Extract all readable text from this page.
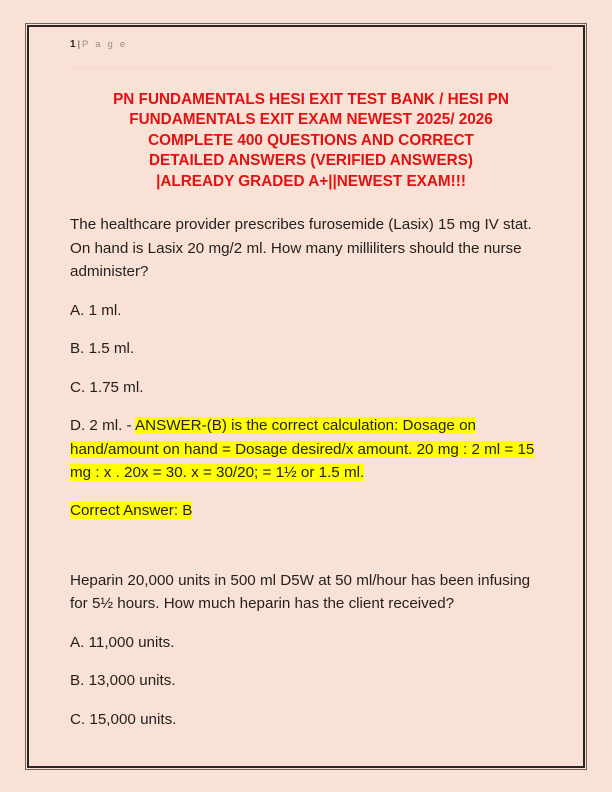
1 | P a g e
PN FUNDAMENTALS HESI EXIT TEST BANK / HESI PN
FUNDAMENTALS EXIT EXAM NEWEST 2025/ 2026
COMPLETE 400 QUESTIONS AND CORRECT
DETAILED ANSWERS (VERIFIED ANSWERS)
|ALREADY GRADED A+||NEWEST EXAM!!!

The healthcare provider prescribes furosemide (Lasix) 15 mg IV stat. On hand is Lasix 20 mg/2 ml. How many milliliters should the nurse administer?

A. 1 ml.

B. 1.5 ml.

C. 1.75 ml.

D. 2 ml. - ANSWER-(B) is the correct calculation: Dosage on hand/amount on hand = Dosage desired/x amount. 20 mg : 2 ml = 15 mg : x . 20x = 30. x = 30/20; = 1½ or 1.5 ml.

Correct Answer: B

Heparin 20,000 units in 500 ml D5W at 50 ml/hour has been infusing for 5½ hours. How much heparin has the client received?

A. 11,000 units.

B. 13,000 units.

C. 15,000 units.
